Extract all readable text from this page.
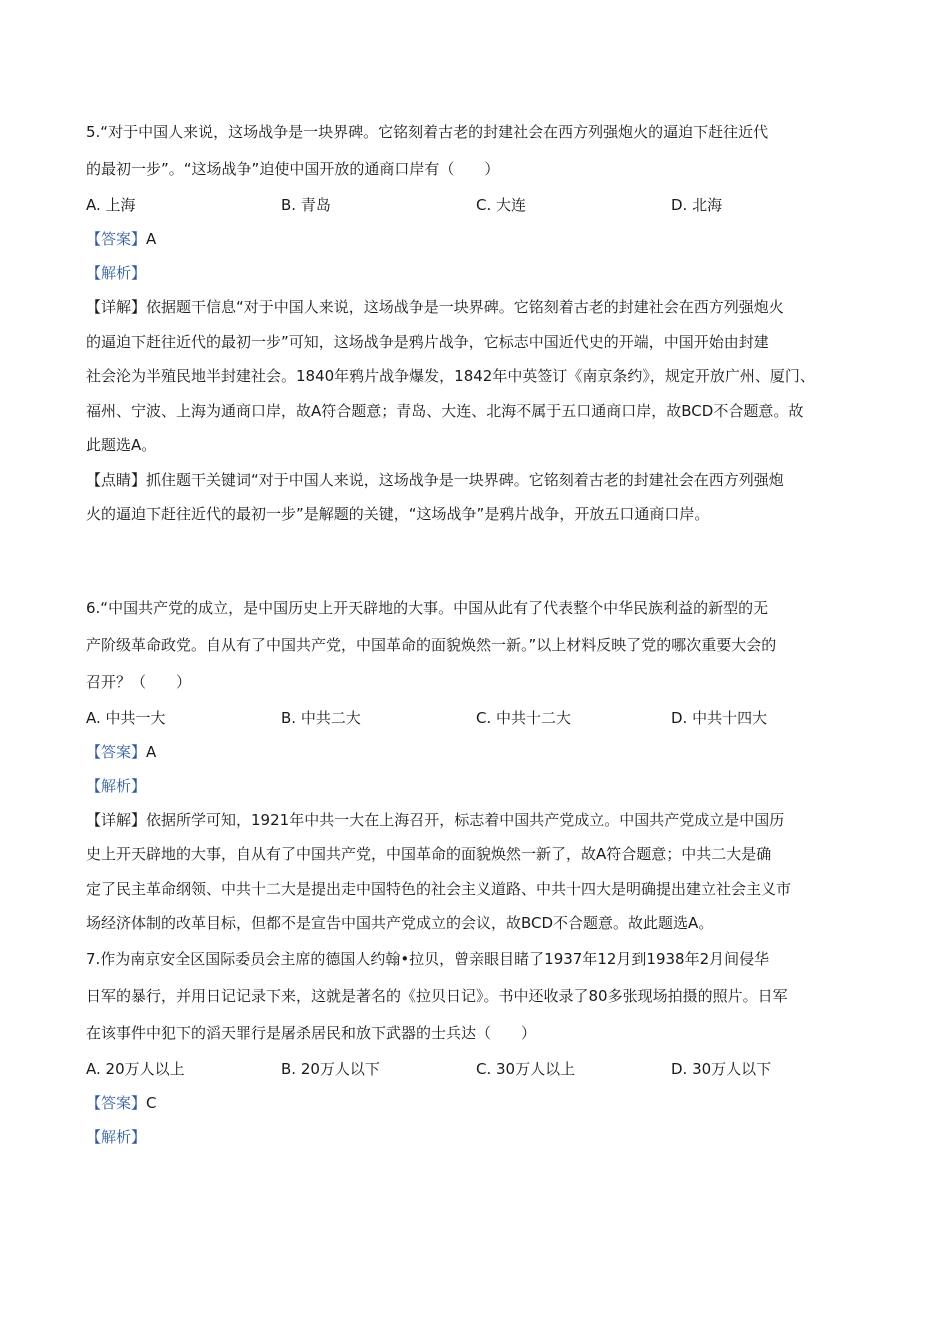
5.“对于中国人来说，这场战争是一块界碑。它铭刻着古老的封建社会在西方列强炮火的逼迫下赶往近代
的最初一步”。“这场战争”迫使中国开放的通商口岸有（　　）
A. 上海	B. 青岛	C. 大连	D. 北海
【答案】A
【解析】
【详解】依据题干信息“对于中国人来说，这场战争是一块界碑。它铭刻着古老的封建社会在西方列强炮火
的逼迫下赶往近代的最初一步”可知，这场战争是鸦片战争，它标志中国近代史的开端，中国开始由封建
社会沦为半殖民地半封建社会。1840年鸦片战争爆发，1842年中英签订《南京条约》，规定开放广州、厦门、
福州、宁波、上海为通商口岸，故A符合题意；青岛、大连、北海不属于五口通商口岸，故BCD不合题意。故
此题选A。
【点睛】抓住题干关键词“对于中国人来说，这场战争是一块界碑。它铭刻着古老的封建社会在西方列强炮
火的逼迫下赶往近代的最初一步”是解题的关键，“这场战争”是鸦片战争，开放五口通商口岸。
6.“中国共产党的成立，是中国历史上开天辟地的大事。中国从此有了代表整个中华民族利益的新型的无
产阶级革命政党。自从有了中国共产党，中国革命的面貌焕然一新。”以上材料反映了党的哪次重要大会的
召开？（　　）
A. 中共一大	B. 中共二大	C. 中共十二大	D. 中共十四大
【答案】A
【解析】
【详解】依据所学可知，1921年中共一大在上海召开，标志着中国共产党成立。中国共产党成立是中国历
史上开天辟地的大事，自从有了中国共产党，中国革命的面貌焕然一新了，故A符合题意；中共二大是确
定了民主革命纲领、中共十二大是提出走中国特色的社会主义道路、中共十四大是明确提出建立社会主义市
场经济体制的改革目标，但都不是宣告中国共产党成立的会议，故BCD不合题意。故此题选A。
7.作为南京安全区国际委员会主席的德国人约翰•拉贝，曾亲眼目睹了1937年12月到1938年2月间侵华
日军的暴行，并用日记记录下来，这就是著名的《拉贝日记》。书中还收录了80多张现场拍摄的照片。日军
在该事件中犯下的滔天罪行是屠杀居民和放下武器的士兵达（　　）
A. 20万人以上	B. 20万人以下	C. 30万人以上	D. 30万人以下
【答案】C
【解析】
